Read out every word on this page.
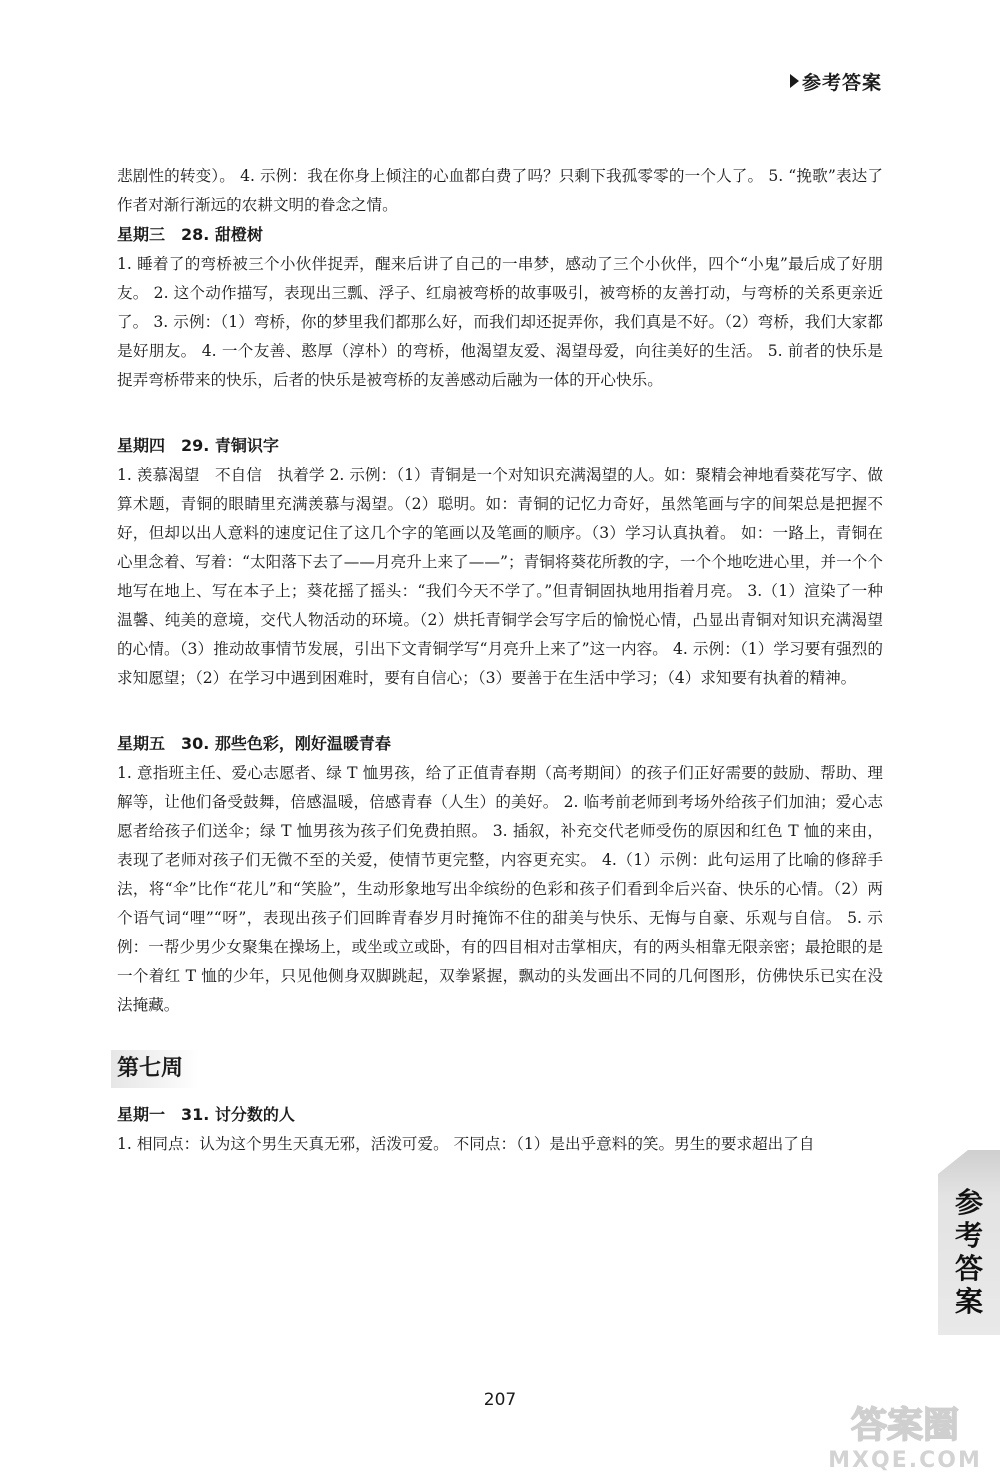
参考答案

悲剧性的转变）。 4. 示例：我在你身上倾注的心血都白费了吗？只剩下我孤零零的一个人了。 5. “挽歌”表达了作者对渐行渐远的农耕文明的眷念之情。

星期三　28. 甜橙树

1. 睡着了的弯桥被三个小伙伴捉弄，醒来后讲了自己的一串梦，感动了三个小伙伴，四个“小鬼”最后成了好朋友。 2. 这个动作描写，表现出三瓢、浮子、红扇被弯桥的故事吸引，被弯桥的友善打动，与弯桥的关系更亲近了。 3. 示例：（1）弯桥，你的梦里我们都那么好，而我们却还捉弄你，我们真是不好。（2）弯桥，我们大家都是好朋友。 4. 一个友善、憨厚（淳朴）的弯桥，他渴望友爱、渴望母爱，向往美好的生活。 5. 前者的快乐是捉弄弯桥带来的快乐，后者的快乐是被弯桥的友善感动后融为一体的开心快乐。

星期四　29. 青铜识字

1. 羡慕渴望　不自信　执着学 2. 示例：（1）青铜是一个对知识充满渴望的人。如：聚精会神地看葵花写字、做算术题，青铜的眼睛里充满羡慕与渴望。（2）聪明。如：青铜的记忆力奇好，虽然笔画与字的间架总是把握不好，但却以出人意料的速度记住了这几个字的笔画以及笔画的顺序。（3）学习认真执着。 如：一路上，青铜在心里念着、写着：“太阳落下去了——月亮升上来了——”；青铜将葵花所教的字，一个个地吃进心里，并一个个地写在地上、写在本子上；葵花摇了摇头：“我们今天不学了。”但青铜固执地用指着月亮。 3.（1）渲染了一种温馨、纯美的意境，交代人物活动的环境。（2）烘托青铜学会写字后的愉悦心情，凸显出青铜对知识充满渴望的心情。（3）推动故事情节发展，引出下文青铜学写“月亮升上来了”这一内容。 4. 示例：（1）学习要有强烈的求知愿望；（2）在学习中遇到困难时，要有自信心；（3）要善于在生活中学习；（4）求知要有执着的精神。

星期五　30. 那些色彩，刚好温暖青春

1. 意指班主任、爱心志愿者、绿 T 恤男孩，给了正值青春期（高考期间）的孩子们正好需要的鼓励、帮助、理解等，让他们备受鼓舞，倍感温暖，倍感青春（人生）的美好。 2. 临考前老师到考场外给孩子们加油；爱心志愿者给孩子们送伞；绿 T 恤男孩为孩子们免费拍照。 3. 插叙，补充交代老师受伤的原因和红色 T 恤的来由，表现了老师对孩子们无微不至的关爱，使情节更完整，内容更充实。 4.（1）示例：此句运用了比喻的修辞手法，将“伞”比作“花儿”和“笑脸”，生动形象地写出伞缤纷的色彩和孩子们看到伞后兴奋、快乐的心情。（2）两个语气词“哩”“呀”，表现出孩子们回眸青春岁月时掩饰不住的甜美与快乐、无悔与自豪、乐观与自信。 5. 示例：一帮少男少女聚集在操场上，或坐或立或卧，有的四目相对击掌相庆，有的两头相靠无限亲密；最抢眼的是一个着红 T 恤的少年，只见他侧身双脚跳起，双拳紧握，飘动的头发画出不同的几何图形，仿佛快乐已实在没法掩藏。

第七周
星期一　31. 讨分数的人

1. 相同点：认为这个男生天真无邪，活泼可爱。 不同点：（1）是出乎意料的笑。男生的要求超出了自

参
考
答
案
207
答案圈
MXQE.COM
